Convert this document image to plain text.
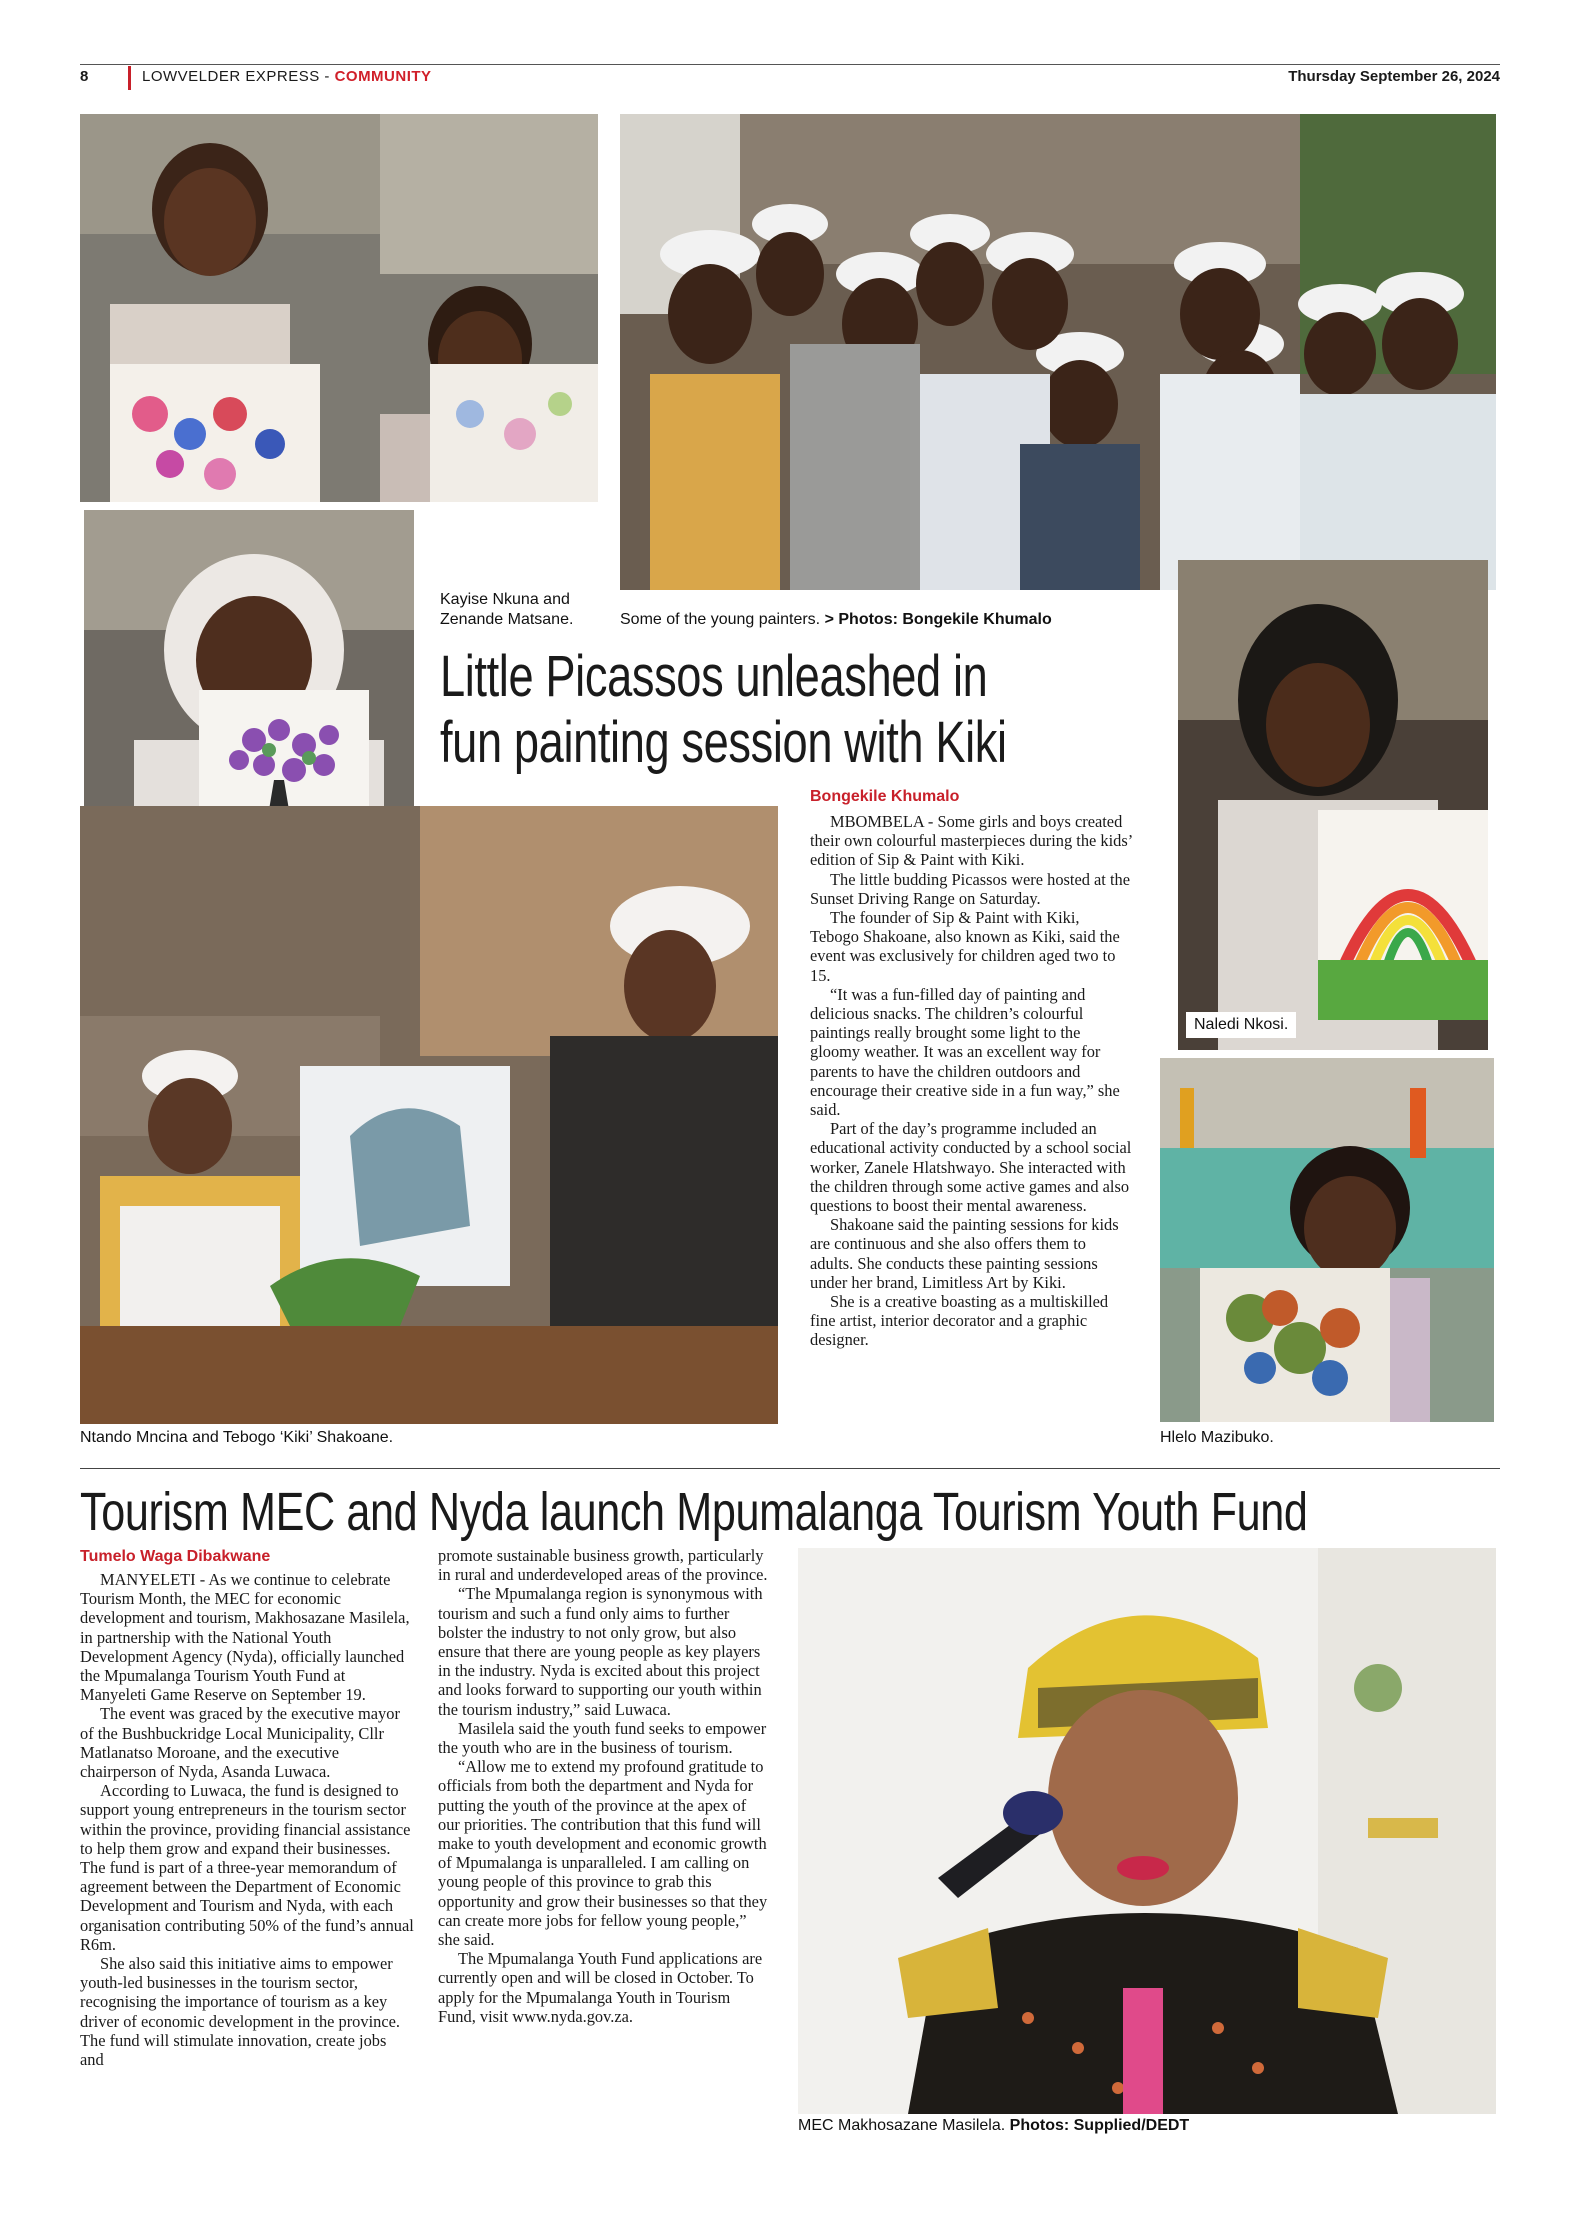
8	LOWVELDER EXPRESS - COMMUNITY	Thursday September 26, 2024
Kayise Nkuna and Zenande Matsane.	Some of the young painters. > Photos: Bongekile Khumalo
Little Picassos unleashed in fun painting session with Kiki
Naledi Nkosi.
Ntando Mncina and Tebogo ‘Kiki’ Shakoane.
Bongekile Khumalo

MBOMBELA - Some girls and boys created their own colourful masterpieces during the kids’ edition of Sip & Paint with Kiki.

The little budding Picassos were hosted at the Sunset Driving Range on Saturday.

The founder of Sip & Paint with Kiki, Tebogo Shakoane, also known as Kiki, said the event was exclusively for children aged two to 15.

“It was a fun-filled day of painting and delicious snacks. The children’s colourful paintings really brought some light to the gloomy weather. It was an excellent way for parents to have the children outdoors and encourage their creative side in a fun way,” she said.

Part of the day’s programme included an educational activity conducted by a school social worker, Zanele Hlatshwayo. She interacted with the children through some active games and also questions to boost their mental awareness.

Shakoane said the painting sessions for kids are continuous and she also offers them to adults. She conducts these painting sessions under her brand, Limitless Art by Kiki.

She is a creative boasting as a multiskilled fine artist, interior decorator and a graphic designer.

Hlelo Mazibuko.
Tourism MEC and Nyda launch Mpumalanga Tourism Youth Fund
Tumelo Waga Dibakwane

MANYELETI - As we continue to celebrate Tourism Month, the MEC for economic development and tourism, Makhosazane Masilela, in partnership with the National Youth Development Agency (Nyda), officially launched the Mpumalanga Tourism Youth Fund at Manyeleti Game Reserve on September 19.

The event was graced by the executive mayor of the Bushbuckridge Local Municipality, Cllr Matlanatso Moroane, and the executive chairperson of Nyda, Asanda Luwaca.

According to Luwaca, the fund is designed to support young entrepreneurs in the tourism sector within the province, providing financial assistance to help them grow and expand their businesses. The fund is part of a three-year memorandum of agreement between the Department of Economic Development and Tourism and Nyda, with each organisation contributing 50% of the fund’s annual R6m.

She also said this initiative aims to empower youth-led businesses in the tourism sector, recognising the importance of tourism as a key driver of economic development in the province. The fund will stimulate innovation, create jobs and

promote sustainable business growth, particularly in rural and underdeveloped areas of the province.

“The Mpumalanga region is synonymous with tourism and such a fund only aims to further bolster the industry to not only grow, but also ensure that there are young people as key players in the industry. Nyda is excited about this project and looks forward to supporting our youth within the tourism industry,” said Luwaca.

Masilela said the youth fund seeks to empower the youth who are in the business of tourism.

“Allow me to extend my profound gratitude to officials from both the department and Nyda for putting the youth of the province at the apex of our priorities. The contribution that this fund will make to youth development and economic growth of Mpumalanga is unparalleled. I am calling on young people of this province to grab this opportunity and grow their businesses so that they can create more jobs for fellow young people,” she said.

The Mpumalanga Youth Fund applications are currently open and will be closed in October. To apply for the Mpumalanga Youth in Tourism Fund, visit www.nyda.gov.za.

MEC Makhosazane Masilela. Photos: Supplied/DEDT
